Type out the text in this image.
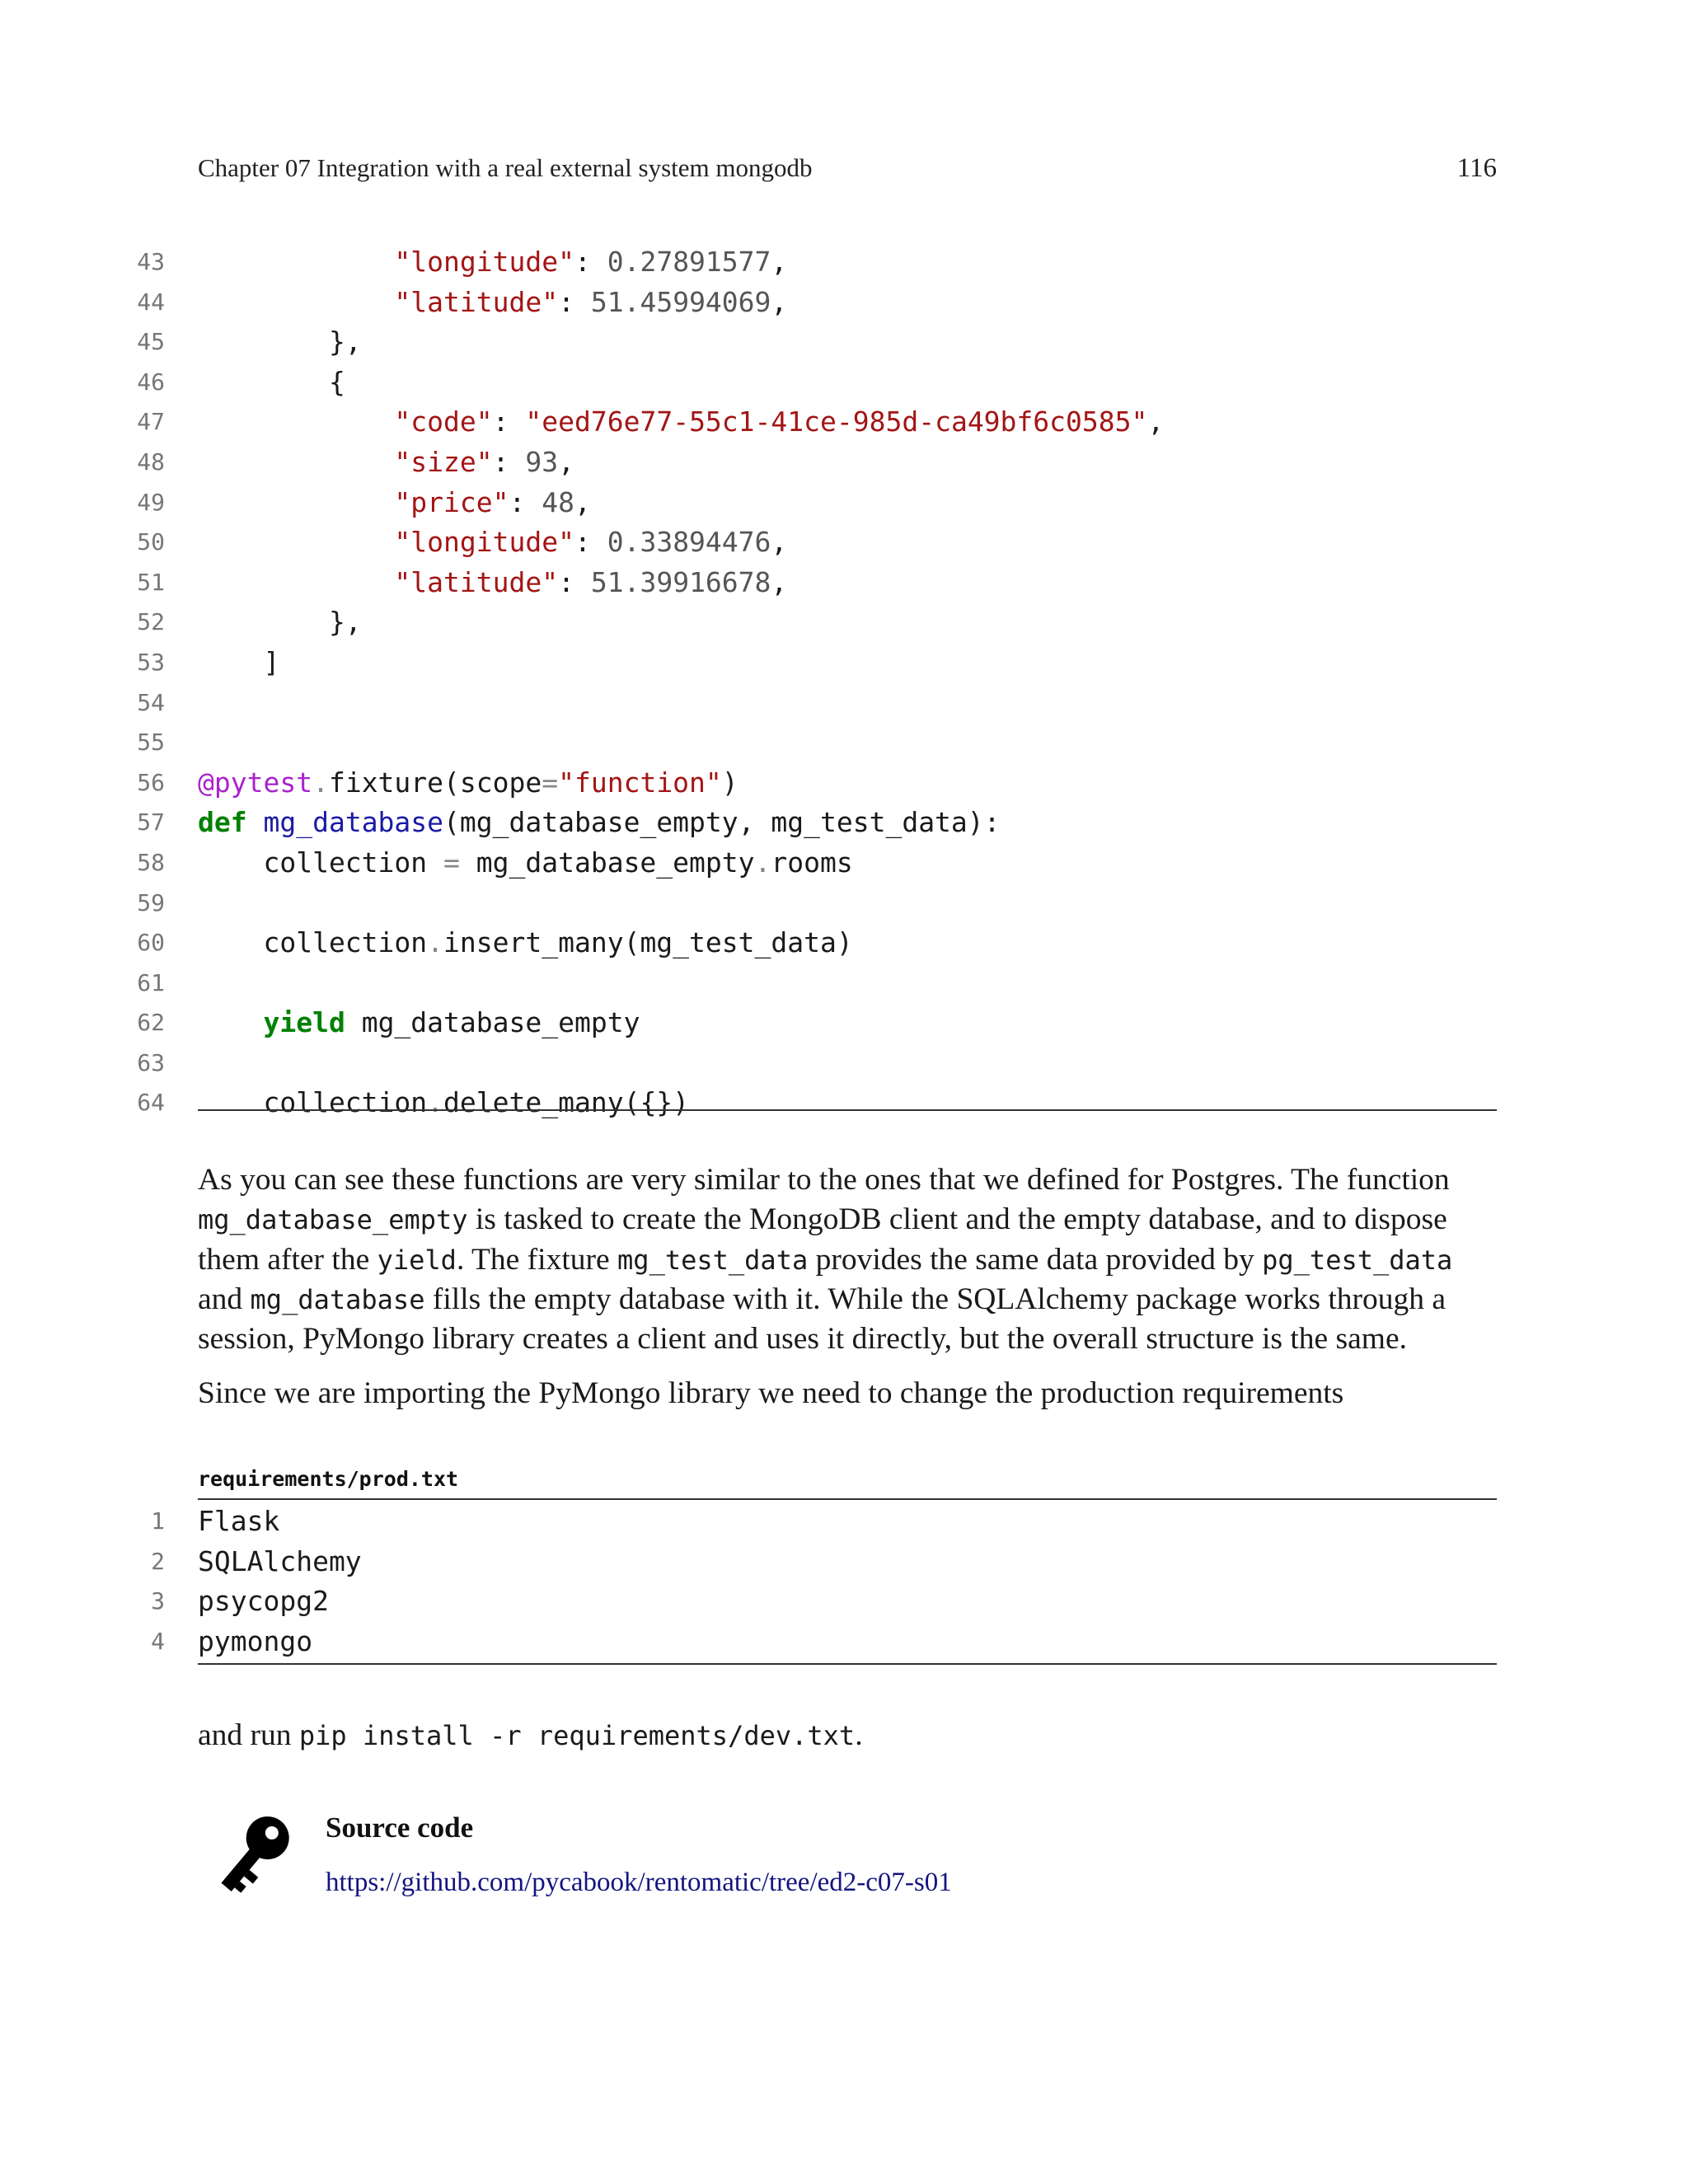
Chapter 07 Integration with a real external system mongodb	116
43	"longitude": 0.27891577,
44	"latitude": 51.45994069,
45 },
46 {
47	"code": "eed76e77-55c1-41ce-985d-ca49bf6c0585",
48	"size": 93,
49	"price": 48,
50	"longitude": 0.33894476,
51	"latitude": 51.39916678,
52 },
53 ]
54
55
56 @pytest.fixture(scope="function")
57 def mg_database(mg_database_empty, mg_test_data):
58 collection = mg_database_empty.rooms
59
60 collection.insert_many(mg_test_data)
61
62	yield mg_database_empty
63
64 collection.delete_many({})

As you can see these functions are very similar to the ones that we defined for Postgres. The function mg_database_empty is tasked to create the MongoDB client and the empty database, and to dispose them after the yield. The fixture mg_test_data provides the same data provided by pg_test_data and mg_database fills the empty database with it. While the SQLAlchemy package works through a session, PyMongo library creates a client and uses it directly, but the overall structure is the same.

Since we are importing the PyMongo library we need to change the production requirements

requirements/prod.txt
1 Flask
2 SQLAlchemy
3 psycopg2
4 pymongo

and run pip install -r requirements/dev.txt.

Source code
https://github.com/pycabook/rentomatic/tree/ed2-c07-s01
